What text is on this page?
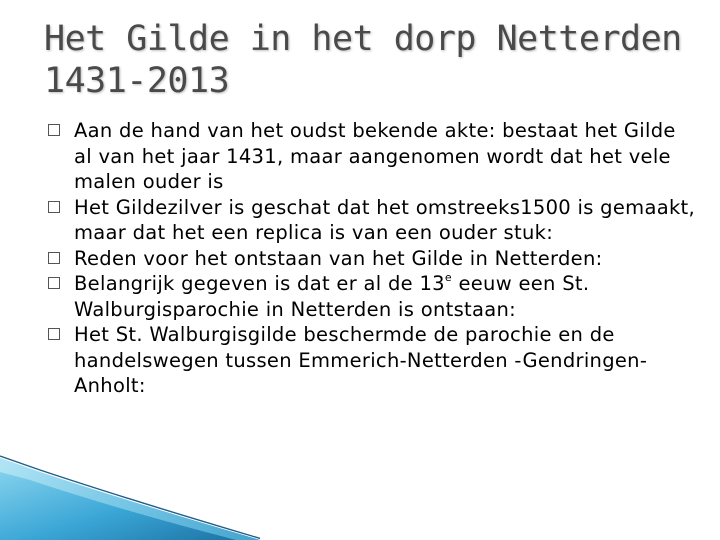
Het Gilde in het dorp Netterden
1431-2013
Aan de hand van het oudst bekende akte: bestaat het Gilde al van het jaar 1431, maar aangenomen wordt dat het vele malen ouder is
Het Gildezilver is geschat dat het omstreeks1500 is gemaakt, maar dat het een replica is van een ouder stuk:
Reden voor het ontstaan van het Gilde in Netterden:
Belangrijk gegeven is dat er al de 13e eeuw een St. Walburgisparochie in Netterden is ontstaan:
Het St. Walburgisgilde beschermde de parochie en de handelswegen tussen Emmerich-Netterden -Gendringen-Anholt:
